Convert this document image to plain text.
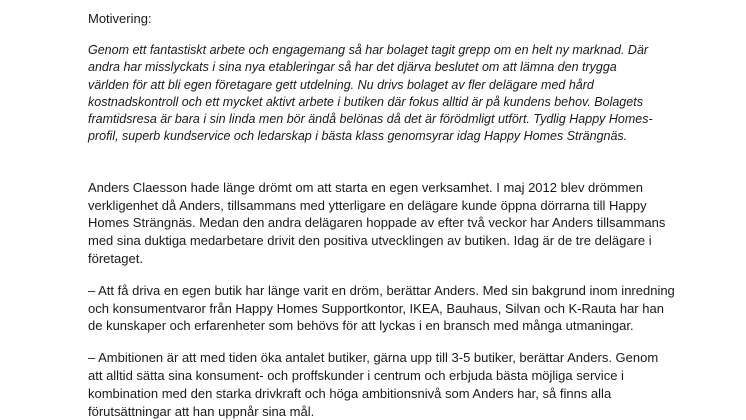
Motivering:
Genom ett fantastiskt arbete och engagemang så har bolaget tagit grepp om en helt ny marknad. Där
andra har misslyckats i sina nya etableringar så har det djärva beslutet om att lämna den trygga
världen för att bli egen företagare gett utdelning. Nu drivs bolaget av fler delägare med hård
kostnadskontroll och ett mycket aktivt arbete i butiken där fokus alltid är på kundens behov. Bolagets
framtidsresa är bara i sin linda men bör ändå belönas då det är förödmligt utfört. Tydlig Happy Homes-
profil, superb kundservice och ledarskap i bästa klass genomsyrar idag Happy Homes Strängnäs.
Anders Claesson hade länge drömt om att starta en egen verksamhet. I maj 2012 blev drömmen
verkligenhet då Anders, tillsammans med ytterligare en delägare kunde öppna dörrarna till Happy
Homes Strängnäs. Medan den andra delägaren hoppade av efter två veckor har Anders tillsammans
med sina duktiga medarbetare drivit den positiva utvecklingen av butiken. Idag är de tre delägare i
företaget.
– Att få driva en egen butik har länge varit en dröm, berättar Anders. Med sin bakgrund inom inredning
och konsumentvaror från Happy Homes Supportkontor, IKEA, Bauhaus, Silvan och K-Rauta har han
de kunskaper och erfarenheter som behövs för att lyckas i en bransch med många utmaningar.
– Ambitionen är att med tiden öka antalet butiker, gärna upp till 3-5 butiker, berättar Anders. Genom
att alltid sätta sina konsument- och proffskunder i centrum och erbjuda bästa möjliga service i
kombination med den starka drivkraft och höga ambitionsnivå som Anders har, så finns alla
förutsättningar att han uppnår sina mål.
